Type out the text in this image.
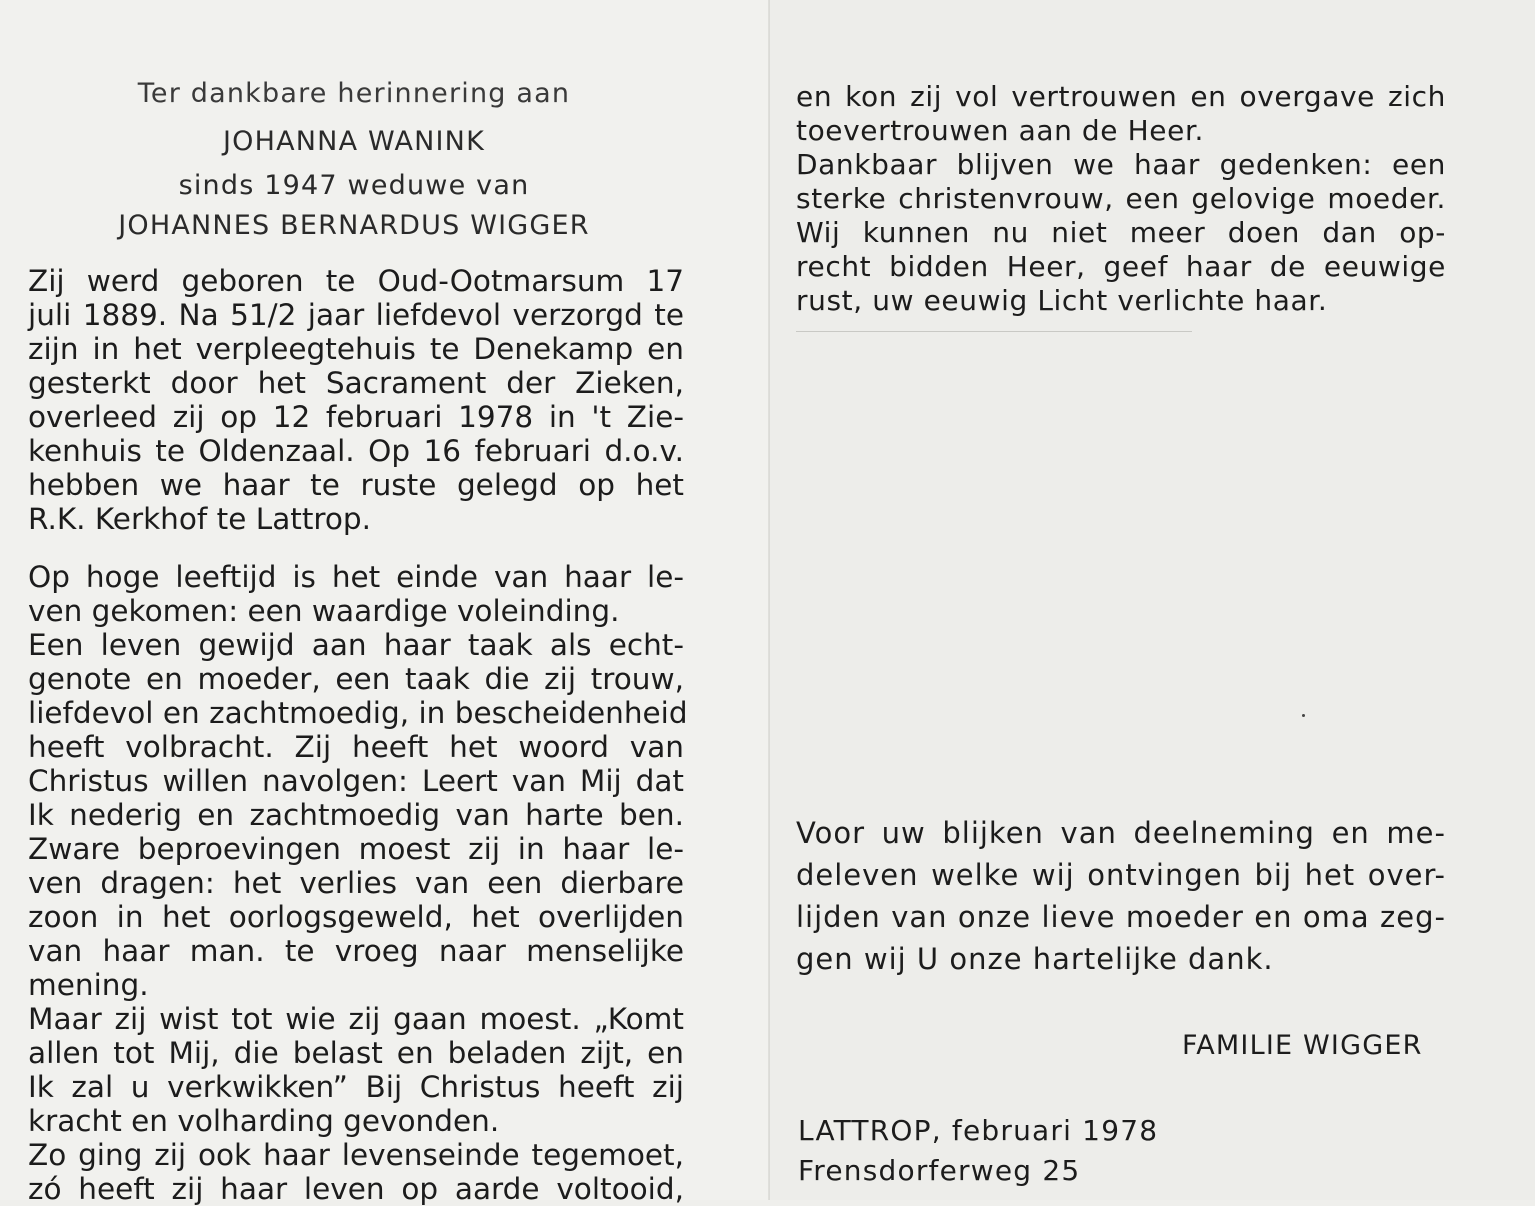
Ter dankbare herinnering aan

JOHANNA WANINK

sinds 1947 weduwe van

JOHANNES BERNARDUS WIGGER

Zij werd geboren te Oud-Ootmarsum 17

juli 1889. Na 51/2 jaar liefdevol verzorgd te

zijn in het verpleegtehuis te Denekamp en

gesterkt door het Sacrament der Zieken,

overleed zij op 12 februari 1978 in 't Zie-

kenhuis te Oldenzaal. Op 16 februari d.o.v.

hebben we haar te ruste gelegd op het

R.K. Kerkhof te Lattrop.

Op hoge leeftijd is het einde van haar le-

ven gekomen: een waardige voleinding.

Een leven gewijd aan haar taak als echt-

genote en moeder, een taak die zij trouw,

liefdevol en zachtmoedig, in bescheidenheid

heeft volbracht. Zij heeft het woord van

Christus willen navolgen: Leert van Mij dat

Ik nederig en zachtmoedig van harte ben.

Zware beproevingen moest zij in haar le-

ven dragen: het verlies van een dierbare

zoon in het oorlogsgeweld, het overlijden

van haar man. te vroeg naar menselijke

mening.

Maar zij wist tot wie zij gaan moest. „Komt

allen tot Mij, die belast en beladen zijt, en

Ik zal u verkwikken” Bij Christus heeft zij

kracht en volharding gevonden.

Zo ging zij ook haar levenseinde tegemoet,

zó heeft zij haar leven op aarde voltooid,

en kon zij vol vertrouwen en overgave zich

toevertrouwen aan de Heer.

Dankbaar blijven we haar gedenken: een

sterke christenvrouw, een gelovige moeder.

Wij kunnen nu niet meer doen dan op-

recht bidden Heer, geef haar de eeuwige

rust, uw eeuwig Licht verlichte haar.

Voor uw blijken van deelneming en me-

deleven welke wij ontvingen bij het over-

lijden van onze lieve moeder en oma zeg-

gen wij U onze hartelijke dank.

FAMILIE WIGGER

LATTROP, februari 1978

Frensdorferweg 25
